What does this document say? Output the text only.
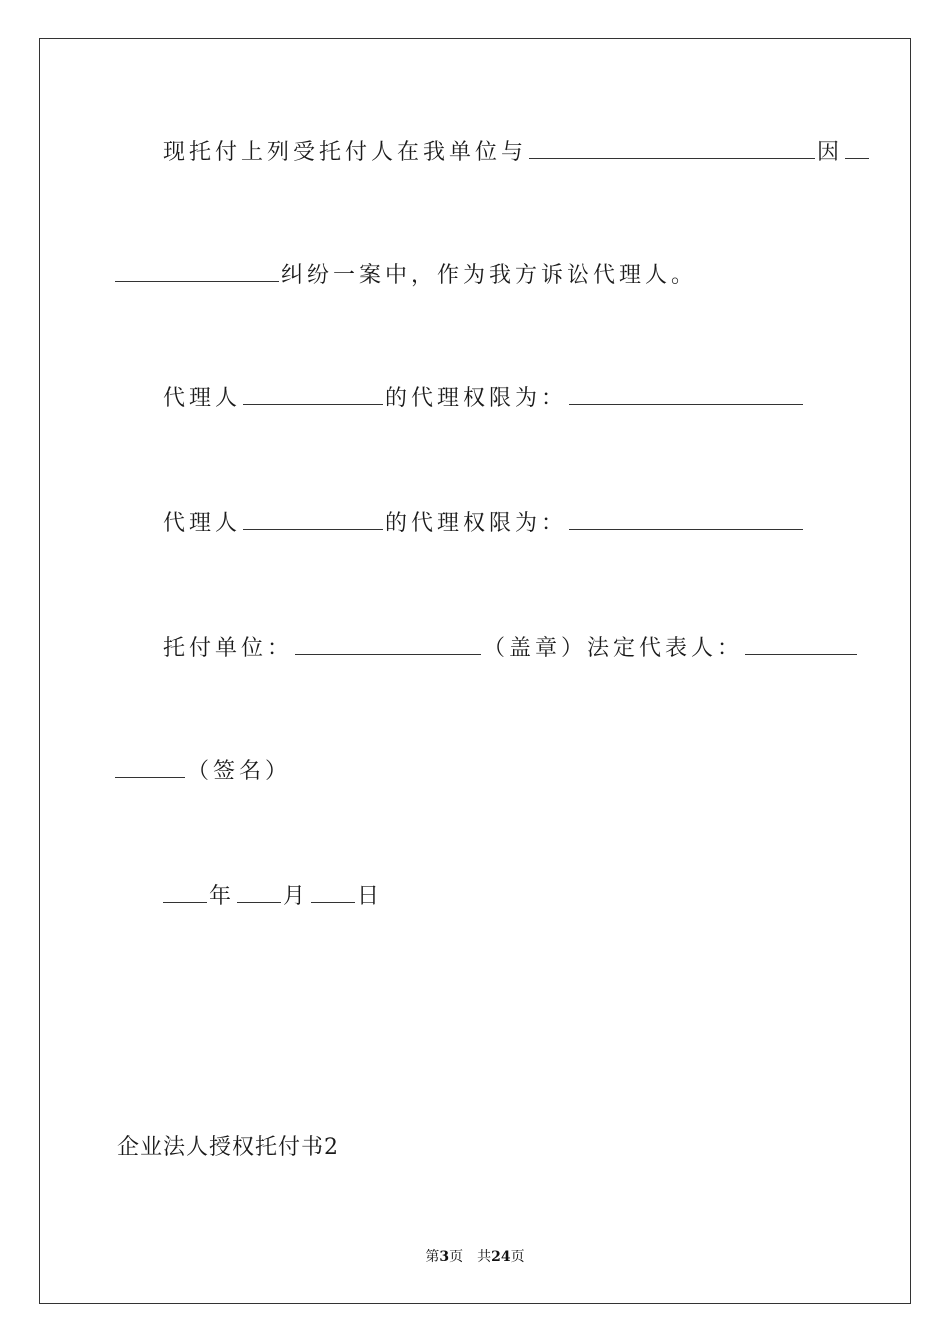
现托付上列受托付人在我单位与	因
纠纷一案中，作为我方诉讼代理人。
代理人	的代理权限为：
代理人	的代理权限为：
托付单位：	（盖章）法定代表人：
（签名）
年 月 日
企业法人授权托付书2
第3页　共24页
